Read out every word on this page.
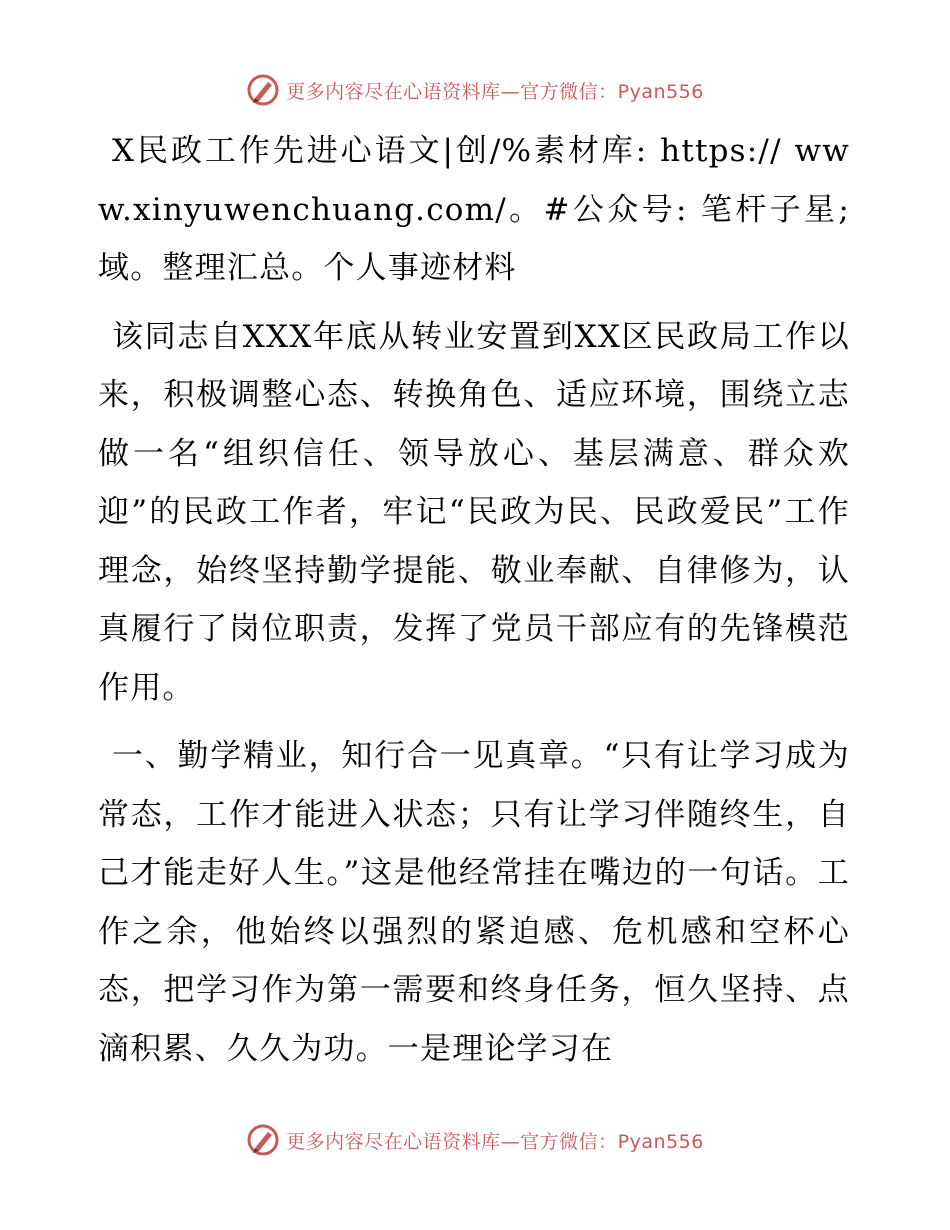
更多内容尽在心语资料库—官方微信：Pyan556

X民政工作先进心语文|创/%素材库: https:// www.xinyuwenchuang.com/。#公众号: 笔杆子星; 域。整理汇总。个人事迹材料

该同志自XXX年底从转业安置到XX区民政局工作以来，积极调整心态、转换角色、适应环境，围绕立志做一名“组织信任、领导放心、基层满意、群众欢迎”的民政工作者，牢记“民政为民、民政爱民”工作理念，始终坚持勤学提能、敬业奉献、自律修为，认真履行了岗位职责，发挥了党员干部应有的先锋模范作用。

一、勤学精业，知行合一见真章。“只有让学习成为常态，工作才能进入状态；只有让学习伴随终生，自己才能走好人生。”这是他经常挂在嘴边的一句话。工作之余，他始终以强烈的紧迫感、危机感和空杯心态，把学习作为第一需要和终身任务，恒久坚持、点滴积累、久久为功。一是理论学习在

更多内容尽在心语资料库—官方微信：Pyan556
